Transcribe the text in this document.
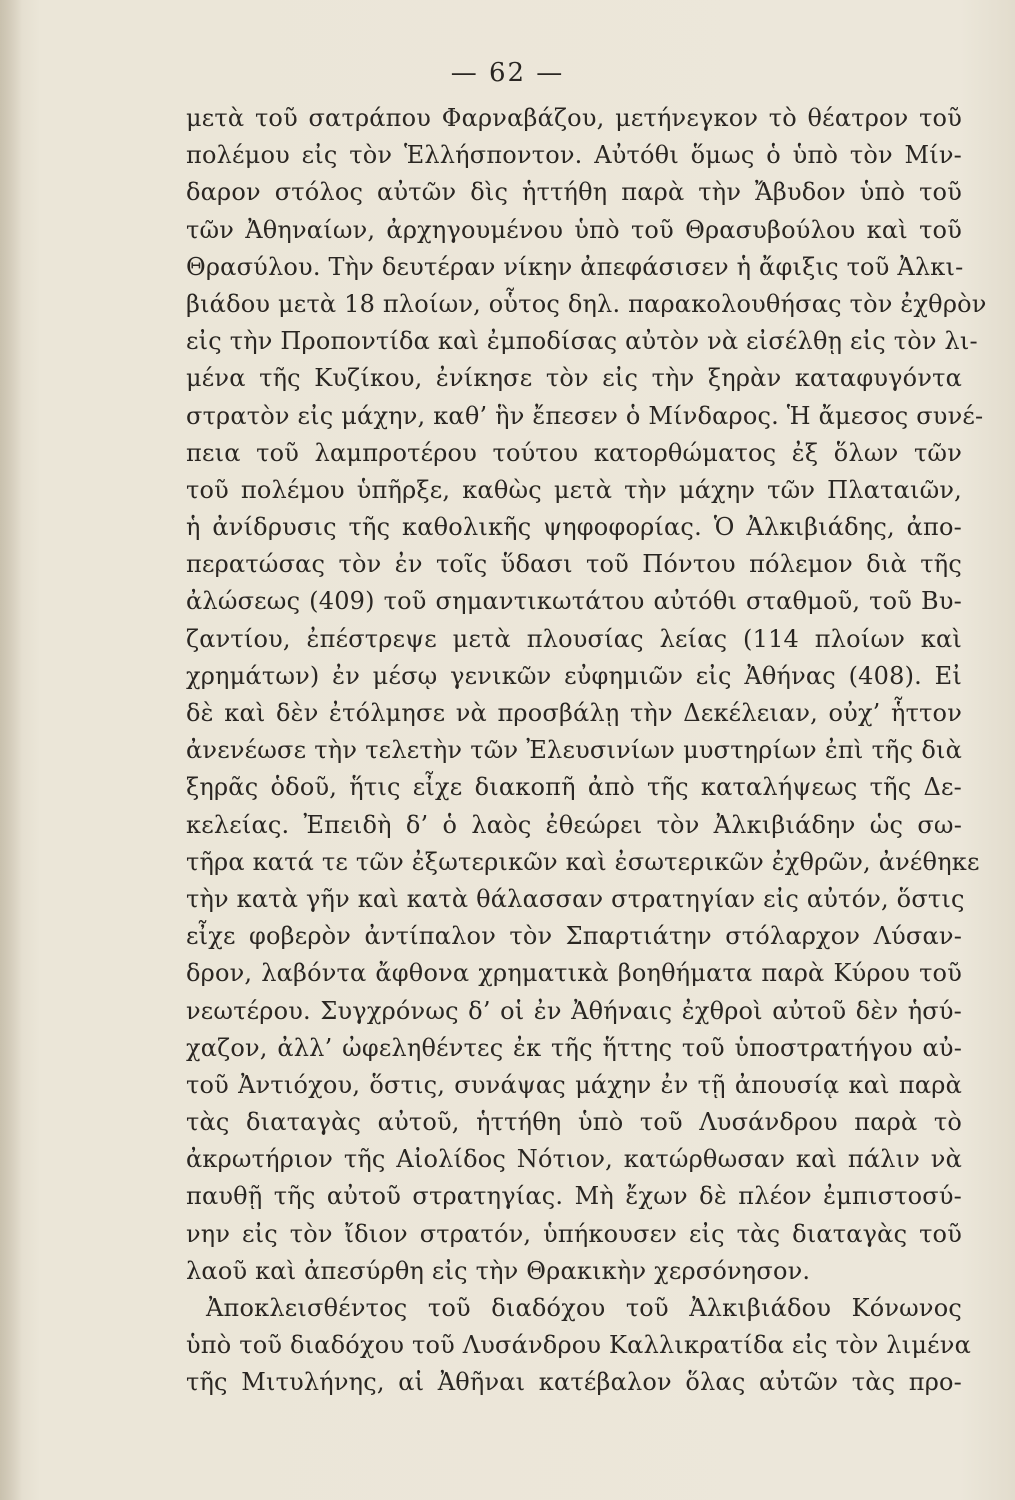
— 62 —
μετὰ τοῦ σατράπου Φαρναβάζου, μετήνεγκον τὸ θέατρον τοῦ
πολέμου εἰς τὸν Ἑλλήσποντον. Αὐτόθι ὅμως ὁ ὑπὸ τὸν Μίν-
δαρον στόλος αὐτῶν δὶς ἡττήθη παρὰ τὴν Ἄβυδον ὑπὸ τοῦ
τῶν Ἀθηναίων, ἀρχηγουμένου ὑπὸ τοῦ Θρασυβούλου καὶ τοῦ
Θρασύλου. Τὴν δευτέραν νίκην ἀπεφάσισεν ἡ ἄφιξις τοῦ Ἀλκι-
βιάδου μετὰ 18 πλοίων, οὗτος δηλ. παρακολουθήσας τὸν ἐχθρὸν
εἰς τὴν Προποντίδα καὶ ἐμποδίσας αὐτὸν νὰ εἰσέλθῃ εἰς τὸν λι-
μένα τῆς Κυζίκου, ἐνίκησε τὸν εἰς τὴν ξηρὰν καταφυγόντα
στρατὸν εἰς μάχην, καθ’ ἣν ἔπεσεν ὁ Μίνδαρος. Ἡ ἄμεσος συνέ-
πεια τοῦ λαμπροτέρου τούτου κατορθώματος ἐξ ὅλων τῶν
τοῦ πολέμου ὑπῆρξε, καθὼς μετὰ τὴν μάχην τῶν Πλαταιῶν,
ἡ ἀνίδρυσις τῆς καθολικῆς ψηφοφορίας. Ὁ Ἀλκιβιάδης, ἀπο-
περατώσας τὸν ἐν τοῖς ὕδασι τοῦ Πόντου πόλεμον διὰ τῆς
ἀλώσεως (409) τοῦ σημαντικωτάτου αὐτόθι σταθμοῦ, τοῦ Βυ-
ζαντίου, ἐπέστρεψε μετὰ πλουσίας λείας (114 πλοίων καὶ
χρημάτων) ἐν μέσῳ γενικῶν εὐφημιῶν εἰς Ἀθήνας (408). Εἰ
δὲ καὶ δὲν ἐτόλμησε νὰ προσβάλῃ τὴν Δεκέλειαν, οὐχ’ ἧττον
ἀνενέωσε τὴν τελετὴν τῶν Ἐλευσινίων μυστηρίων ἐπὶ τῆς διὰ
ξηρᾶς ὁδοῦ, ἥτις εἶχε διακοπῆ ἀπὸ τῆς καταλήψεως τῆς Δε-
κελείας. Ἐπειδὴ δ’ ὁ λαὸς ἐθεώρει τὸν Ἀλκιβιάδην ὡς σω-
τῆρα κατά τε τῶν ἐξωτερικῶν καὶ ἐσωτερικῶν ἐχθρῶν, ἀνέθηκε
τὴν κατὰ γῆν καὶ κατὰ θάλασσαν στρατηγίαν εἰς αὐτόν, ὅστις
εἶχε φοβερὸν ἀντίπαλον τὸν Σπαρτιάτην στόλαρχον Λύσαν-
δρον, λαβόντα ἄφθονα χρηματικὰ βοηθήματα παρὰ Κύρου τοῦ
νεωτέρου. Συγχρόνως δ’ οἱ ἐν Ἀθήναις ἐχθροὶ αὐτοῦ δὲν ἡσύ-
χαζον, ἀλλ’ ὠφεληθέντες ἐκ τῆς ἥττης τοῦ ὑποστρατήγου αὐ-
τοῦ Ἀντιόχου, ὅστις, συνάψας μάχην ἐν τῇ ἀπουσίᾳ καὶ παρὰ
τὰς διαταγὰς αὐτοῦ, ἡττήθη ὑπὸ τοῦ Λυσάνδρου παρὰ τὸ
ἀκρωτήριον τῆς Αἰολίδος Νότιον, κατώρθωσαν καὶ πάλιν νὰ
παυθῇ τῆς αὐτοῦ στρατηγίας. Μὴ ἔχων δὲ πλέον ἐμπιστοσύ-
νην εἰς τὸν ἴδιον στρατόν, ὑπήκουσεν εἰς τὰς διαταγὰς τοῦ
λαοῦ καὶ ἀπεσύρθη εἰς τὴν Θρακικὴν χερσόνησον.
Ἀποκλεισθέντος τοῦ διαδόχου τοῦ Ἀλκιβιάδου Κόνωνος
ὑπὸ τοῦ διαδόχου τοῦ Λυσάνδρου Καλλικρατίδα εἰς τὸν λιμένα
τῆς Μιτυλήνης, αἱ Ἀθῆναι κατέβαλον ὅλας αὐτῶν τὰς προ-
